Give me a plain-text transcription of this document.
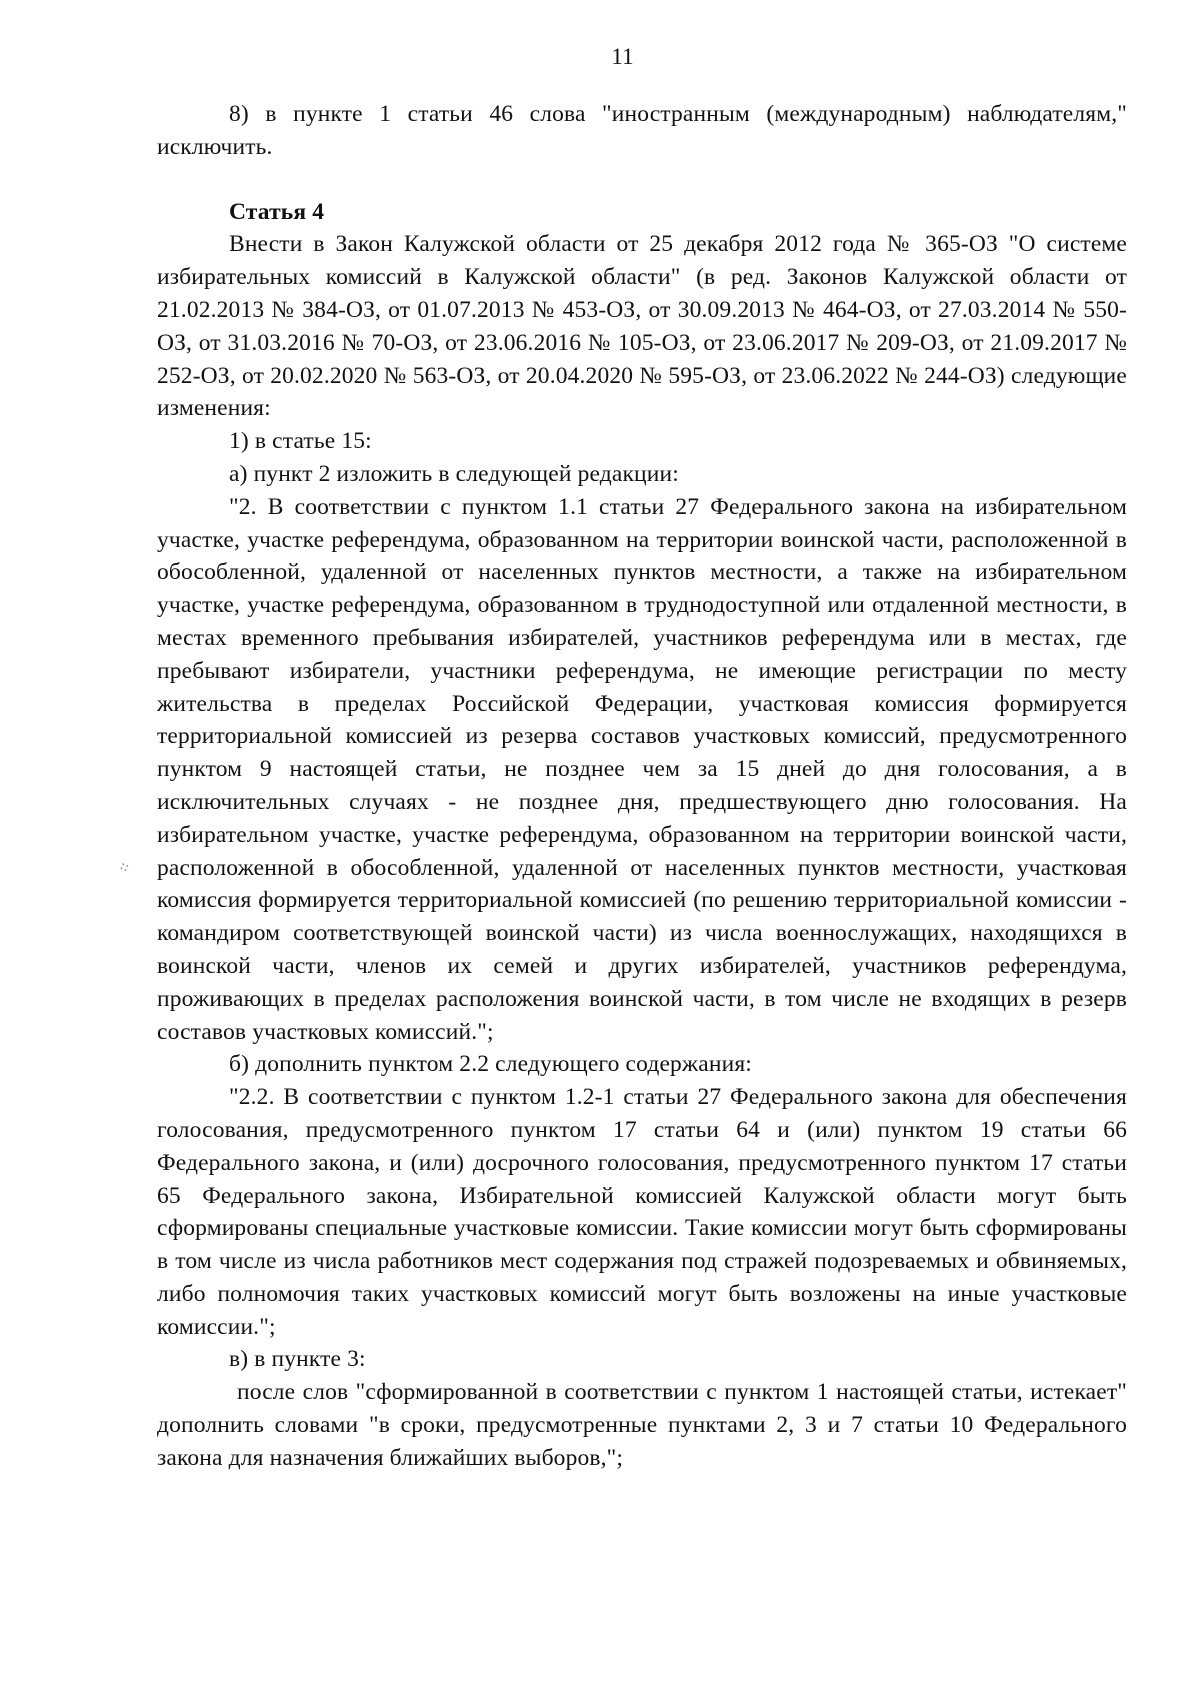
11

8) в пункте 1 статьи 46 слова "иностранным (международным) наблюдателям," исключить.

Статья 4

Внести в Закон Калужской области от 25 декабря 2012 года № 365-ОЗ "О системе избирательных комиссий в Калужской области" (в ред. Законов Калужской области от 21.02.2013 № 384-ОЗ, от 01.07.2013 № 453-ОЗ, от 30.09.2013 № 464-ОЗ, от 27.03.2014 № 550-ОЗ, от 31.03.2016 № 70-ОЗ, от 23.06.2016 № 105-ОЗ, от 23.06.2017 № 209-ОЗ, от 21.09.2017 № 252-ОЗ, от 20.02.2020 № 563-ОЗ, от 20.04.2020 № 595-ОЗ, от 23.06.2022 № 244-ОЗ) следующие изменения:

1) в статье 15:

а) пункт 2 изложить в следующей редакции:

"2. В соответствии с пунктом 1.1 статьи 27 Федерального закона на избирательном участке, участке референдума, образованном на территории воинской части, расположенной в обособленной, удаленной от населенных пунктов местности, а также на избирательном участке, участке референдума, образованном в труднодоступной или отдаленной местности, в местах временного пребывания избирателей, участников референдума или в местах, где пребывают избиратели, участники референдума, не имеющие регистрации по месту жительства в пределах Российской Федерации, участковая комиссия формируется территориальной комиссией из резерва составов участковых комиссий, предусмотренного пунктом 9 настоящей статьи, не позднее чем за 15 дней до дня голосования, а в исключительных случаях - не позднее дня, предшествующего дню голосования. На избирательном участке, участке референдума, образованном на территории воинской части, расположенной в обособленной, удаленной от населенных пунктов местности, участковая комиссия формируется территориальной комиссией (по решению территориальной комиссии - командиром соответствующей воинской части) из числа военнослужащих, находящихся в воинской части, членов их семей и других избирателей, участников референдума, проживающих в пределах расположения воинской части, в том числе не входящих в резерв составов участковых комиссий.";

б) дополнить пунктом 2.2 следующего содержания:

"2.2. В соответствии с пунктом 1.2-1 статьи 27 Федерального закона для обеспечения голосования, предусмотренного пунктом 17 статьи 64 и (или) пунктом 19 статьи 66 Федерального закона, и (или) досрочного голосования, предусмотренного пунктом 17 статьи 65 Федерального закона, Избирательной комиссией Калужской области могут быть сформированы специальные участковые комиссии. Такие комиссии могут быть сформированы в том числе из числа работников мест содержания под стражей подозреваемых и обвиняемых, либо полномочия таких участковых комиссий могут быть возложены на иные участковые комиссии.";

в) в пункте 3:

после слов "сформированной в соответствии с пунктом 1 настоящей статьи, истекает" дополнить словами "в сроки, предусмотренные пунктами 2, 3 и 7 статьи 10 Федерального закона для назначения ближайших выборов,";

⁘
